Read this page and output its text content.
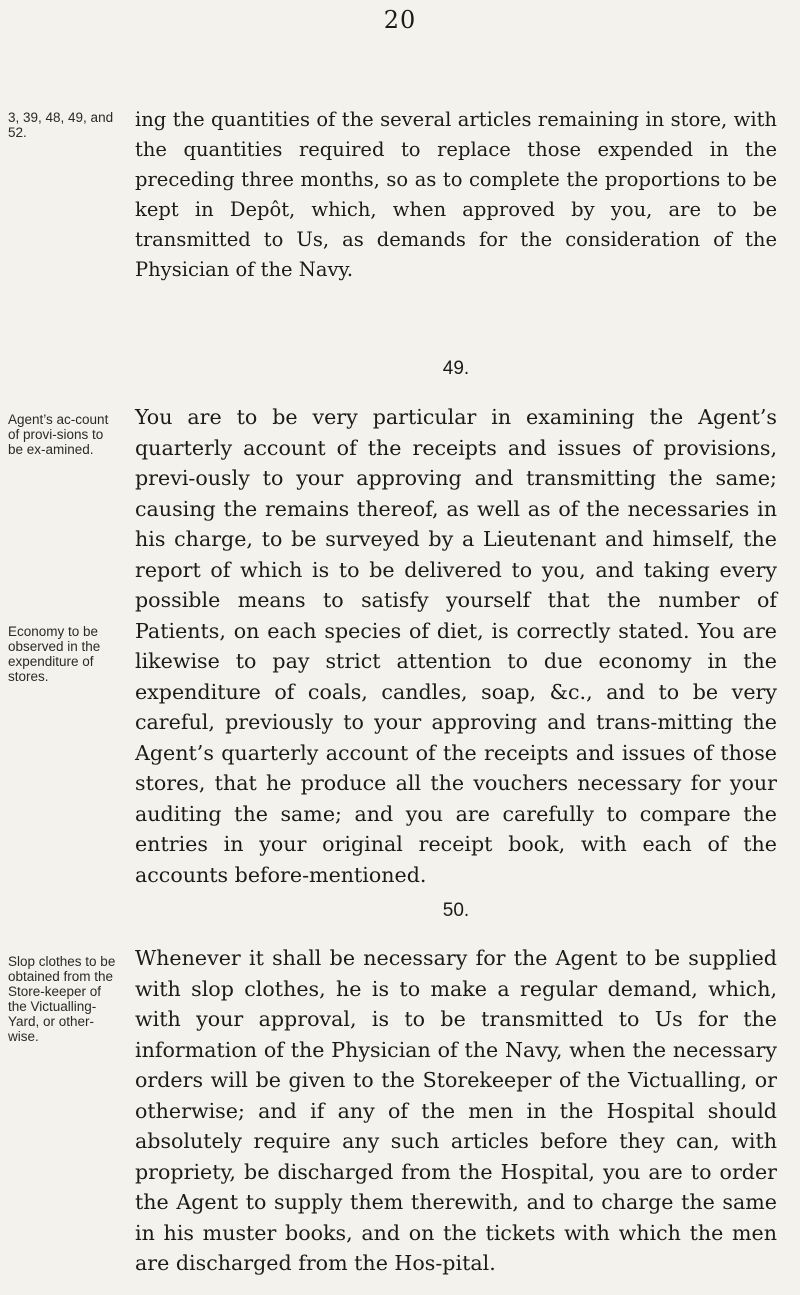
20
3, 39, 48, 49, and 52.

ing the quantities of the several articles remaining in store, with the quantities required to replace those expended in the preceding three months, so as to complete the proportions to be kept in Depôt, which, when approved by you, are to be transmitted to Us, as demands for the consideration of the Physician of the Navy.

49.
Agent’s ac-count of provi-sions to be ex-amined.
Economy to be observed in the expenditure of stores.

You are to be very particular in examining the Agent’s quarterly account of the receipts and issues of provisions, previ-ously to your approving and transmitting the same; causing the remains thereof, as well as of the necessaries in his charge, to be surveyed by a Lieutenant and himself, the report of which is to be delivered to you, and taking every possible means to satisfy yourself that the number of Patients, on each species of diet, is correctly stated. You are likewise to pay strict attention to due economy in the expenditure of coals, candles, soap, &c., and to be very careful, previously to your approving and trans-mitting the Agent’s quarterly account of the receipts and issues of those stores, that he produce all the vouchers necessary for your auditing the same; and you are carefully to compare the entries in your original receipt book, with each of the accounts before-mentioned.

50.
Slop clothes to be obtained from the Store-keeper of the Victualling-Yard, or other-wise.

Whenever it shall be necessary for the Agent to be supplied with slop clothes, he is to make a regular demand, which, with your approval, is to be transmitted to Us for the information of the Physician of the Navy, when the necessary orders will be given to the Storekeeper of the Victualling, or otherwise; and if any of the men in the Hospital should absolutely require any such articles before they can, with propriety, be discharged from the Hospital, you are to order the Agent to supply them therewith, and to charge the same in his muster books, and on the tickets with which the men are discharged from the Hos-pital.
